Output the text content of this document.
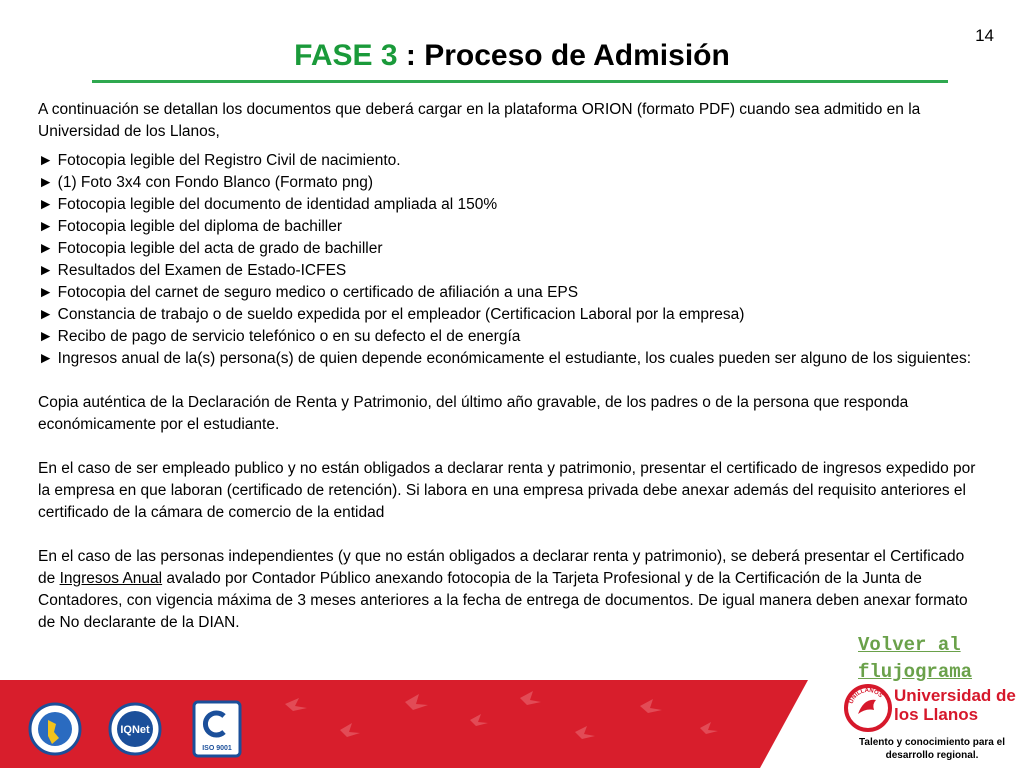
14
FASE 3 : Proceso de Admisión

A continuación se detallan los documentos que deberá cargar en la plataforma ORION (formato PDF) cuando sea admitido en la Universidad de los Llanos,

► Fotocopia legible del Registro Civil de nacimiento.
► (1) Foto 3x4 con Fondo Blanco (Formato png)
► Fotocopia legible del documento de identidad ampliada al 150%
► Fotocopia legible del diploma de bachiller
► Fotocopia legible del acta de grado de bachiller
► Resultados del Examen de Estado-ICFES
► Fotocopia del carnet de seguro medico o certificado de afiliación a una EPS
► Constancia de trabajo o de sueldo expedida por el empleador (Certificacion Laboral por la empresa)
► Recibo de pago de servicio telefónico o en su defecto el de energía
► Ingresos anual de la(s) persona(s) de quien depende económicamente el estudiante, los cuales pueden ser alguno de los siguientes:

Copia auténtica de la Declaración de Renta y Patrimonio, del último año gravable, de los padres o de la persona que responda económicamente por el estudiante.

En el caso de ser empleado publico y no están obligados a declarar renta y patrimonio, presentar el certificado de ingresos expedido por la empresa en que laboran (certificado de retención). Si labora en una empresa privada debe anexar además del requisito anteriores el certificado de la cámara de comercio de la entidad

En el caso de las personas independientes (y que no están obligados a declarar renta y patrimonio), se deberá presentar el Certificado de Ingresos Anual avalado por Contador Público anexando fotocopia de la Tarjeta Profesional y de la Certificación de la Junta de Contadores, con vigencia máxima de 3 meses anteriores a la fecha de entrega de documentos. De igual manera deben anexar formato de No declarante de la DIAN.

Volver al flujograma
IQNet
ISO 9001
UNILLANOS Universidad de los Llanos
Talento y conocimiento para el desarrollo regional.
